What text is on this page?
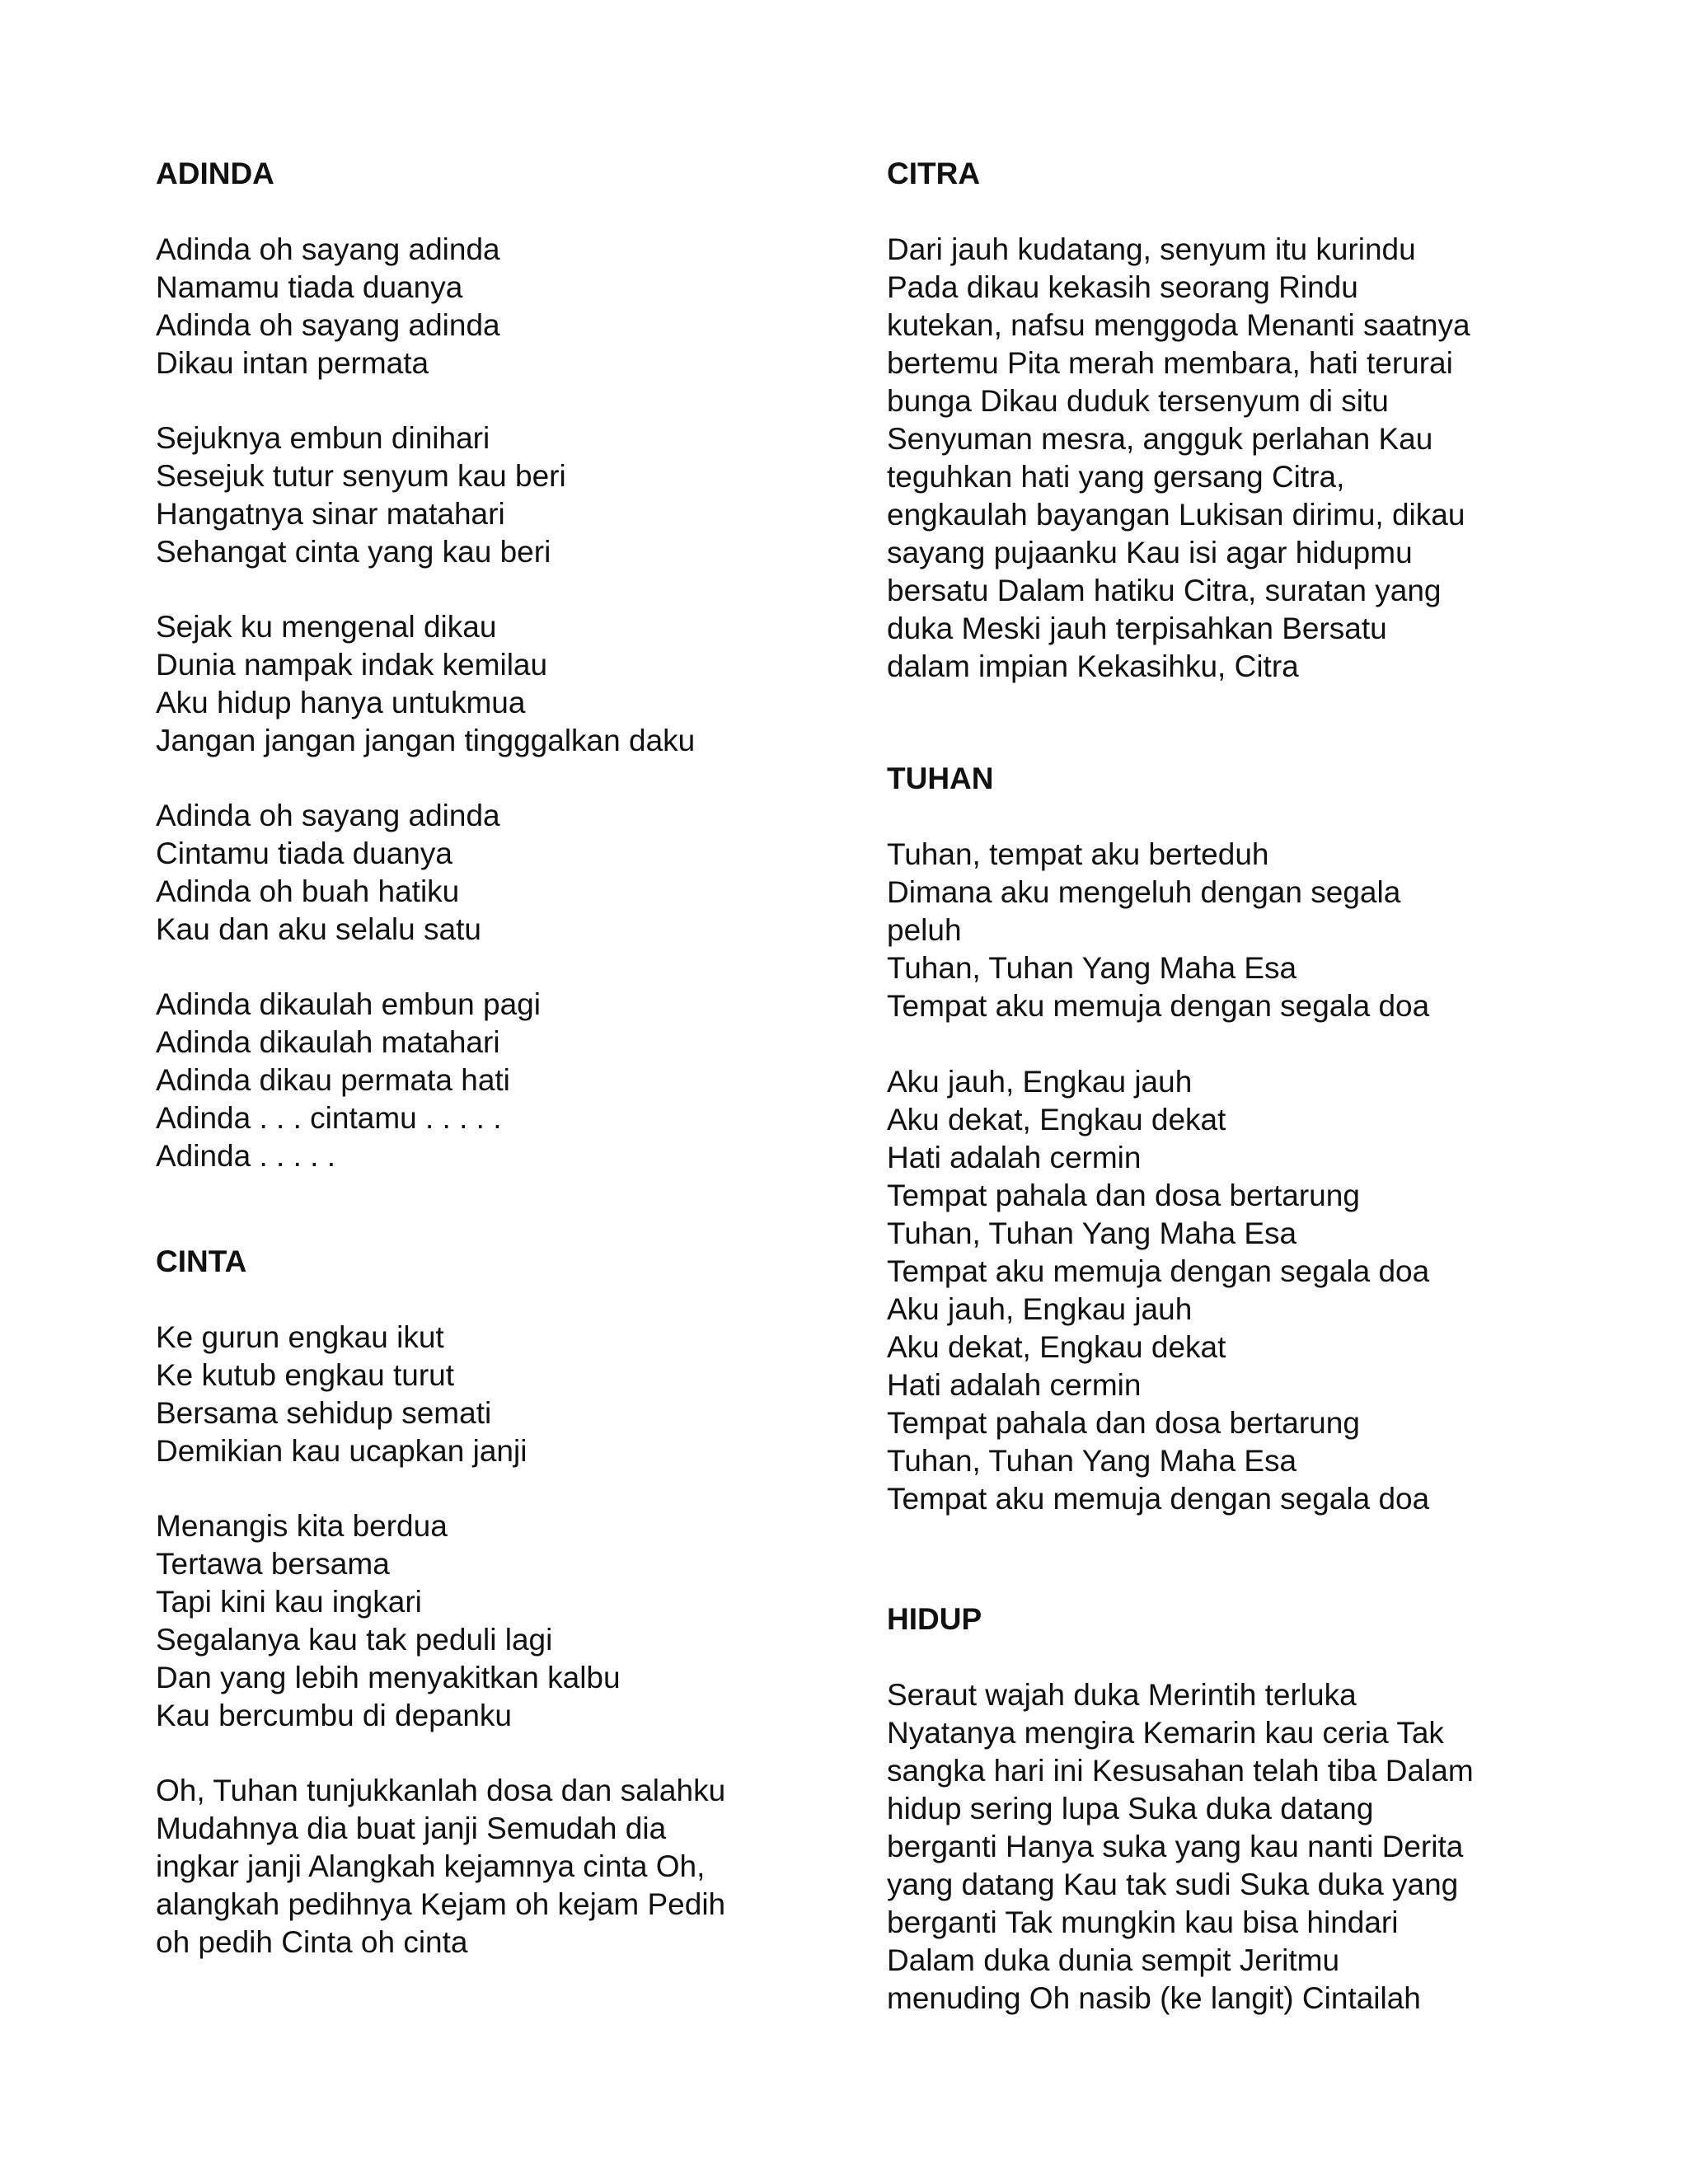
ADINDA
Adinda oh sayang adinda
Namamu tiada duanya
Adinda oh sayang adinda
Dikau intan permata
Sejuknya embun dinihari
Sesejuk tutur senyum kau beri
Hangatnya sinar matahari
Sehangat cinta yang kau beri
Sejak ku mengenal dikau
Dunia nampak indak kemilau
Aku hidup hanya untukmua
Jangan jangan jangan tingggalkan daku
Adinda oh sayang adinda
Cintamu tiada duanya
Adinda oh buah hatiku
Kau dan aku selalu satu
Adinda dikaulah embun pagi
Adinda dikaulah matahari
Adinda dikau permata hati
Adinda . . . cintamu . . . . .
Adinda . . . . .
CINTA
Ke gurun engkau ikut
Ke kutub engkau turut
Bersama sehidup semati
Demikian kau ucapkan janji
Menangis kita berdua
Tertawa bersama
Tapi kini kau ingkari
Segalanya kau tak peduli lagi
Dan yang lebih menyakitkan kalbu
Kau bercumbu di depanku
Oh, Tuhan tunjukkanlah dosa dan salahku
Mudahnya dia buat janji Semudah dia
ingkar janji Alangkah kejamnya cinta Oh,
alangkah pedihnya Kejam oh kejam Pedih
oh pedih Cinta oh cinta
CITRA
Dari jauh kudatang, senyum itu kurindu
Pada dikau kekasih seorang Rindu
kutekan, nafsu menggoda Menanti saatnya
bertemu Pita merah membara, hati terurai
bunga Dikau duduk tersenyum di situ
Senyuman mesra, angguk perlahan Kau
teguhkan hati yang gersang Citra,
engkaulah bayangan Lukisan dirimu, dikau
sayang pujaanku Kau isi agar hidupmu
bersatu Dalam hatiku Citra, suratan yang
duka Meski jauh terpisahkan Bersatu
dalam impian Kekasihku, Citra
TUHAN
Tuhan, tempat aku berteduh
Dimana aku mengeluh dengan segala
peluh
Tuhan, Tuhan Yang Maha Esa
Tempat aku memuja dengan segala doa
Aku jauh, Engkau jauh
Aku dekat, Engkau dekat
Hati adalah cermin
Tempat pahala dan dosa bertarung
Tuhan, Tuhan Yang Maha Esa
Tempat aku memuja dengan segala doa
Aku jauh, Engkau jauh
Aku dekat, Engkau dekat
Hati adalah cermin
Tempat pahala dan dosa bertarung
Tuhan, Tuhan Yang Maha Esa
Tempat aku memuja dengan segala doa
HIDUP
Seraut wajah duka Merintih terluka
Nyatanya mengira Kemarin kau ceria Tak
sangka hari ini Kesusahan telah tiba Dalam
hidup sering lupa Suka duka datang
berganti Hanya suka yang kau nanti Derita
yang datang Kau tak sudi Suka duka yang
berganti Tak mungkin kau bisa hindari
Dalam duka dunia sempit Jeritmu
menuding Oh nasib (ke langit) Cintailah
